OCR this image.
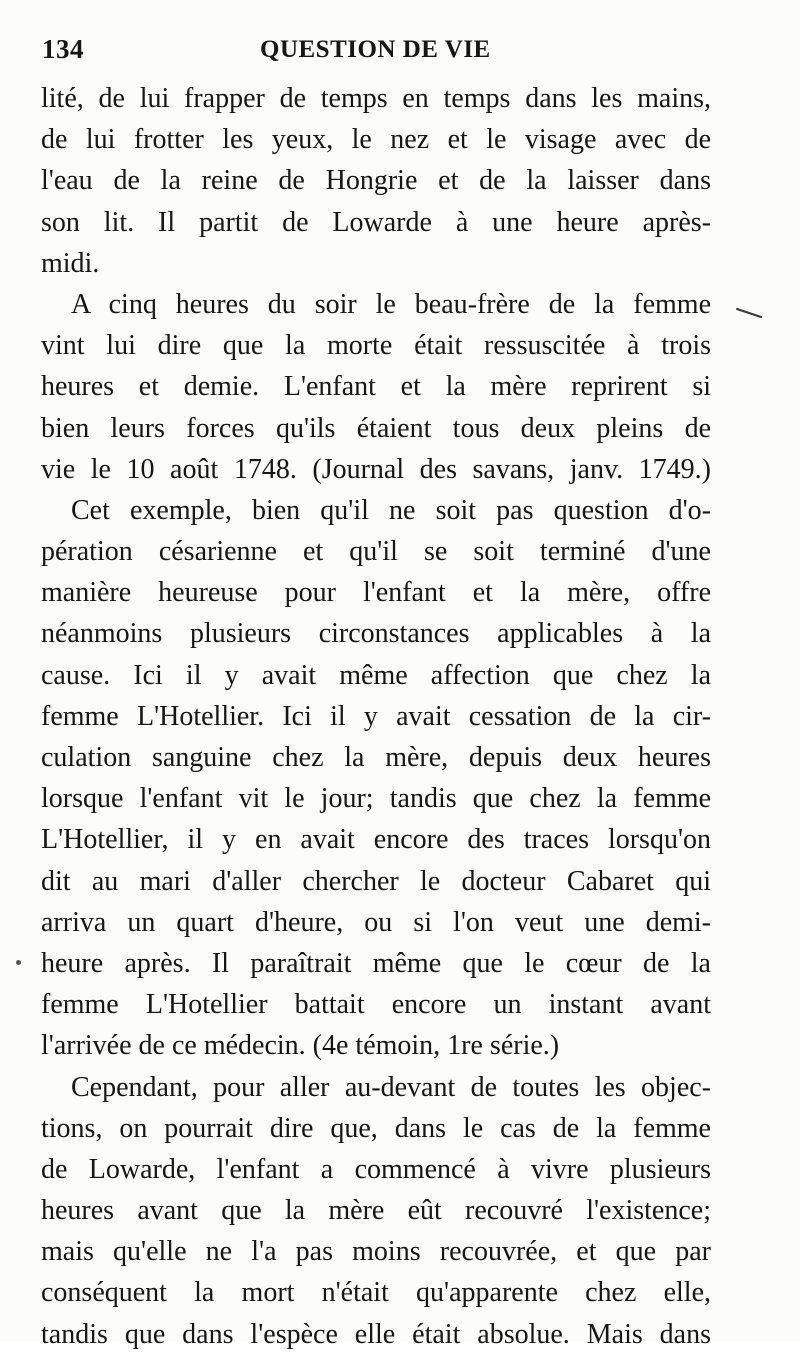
134	QUESTION DE VIE
lité, de lui frapper de temps en temps dans les mains,
de lui frotter les yeux, le nez et le visage avec de
l'eau de la reine de Hongrie et de la laisser dans
son lit. Il partit de Lowarde à une heure après-
midi.
A cinq heures du soir le beau-frère de la femme
vint lui dire que la morte était ressuscitée à trois
heures et demie. L'enfant et la mère reprirent si
bien leurs forces qu'ils étaient tous deux pleins de
vie le 10 août 1748. (Journal des savans, janv. 1749.)
Cet exemple, bien qu'il ne soit pas question d'o-
pération césarienne et qu'il se soit terminé d'une
manière heureuse pour l'enfant et la mère, offre
néanmoins plusieurs circonstances applicables à la
cause. Ici il y avait même affection que chez la
femme L'Hotellier. Ici il y avait cessation de la cir-
culation sanguine chez la mère, depuis deux heures
lorsque l'enfant vit le jour; tandis que chez la femme
L'Hotellier, il y en avait encore des traces lorsqu'on
dit au mari d'aller chercher le docteur Cabaret qui
arriva un quart d'heure, ou si l'on veut une demi-
heure après. Il paraîtrait même que le cœur de la
femme L'Hotellier battait encore un instant avant
l'arrivée de ce médecin. (4e témoin, 1re série.)
Cependant, pour aller au-devant de toutes les objec-
tions, on pourrait dire que, dans le cas de la femme
de Lowarde, l'enfant a commencé à vivre plusieurs
heures avant que la mère eût recouvré l'existence;
mais qu'elle ne l'a pas moins recouvrée, et que par
conséquent la mort n'était qu'apparente chez elle,
tandis que dans l'espèce elle était absolue. Mais dans
